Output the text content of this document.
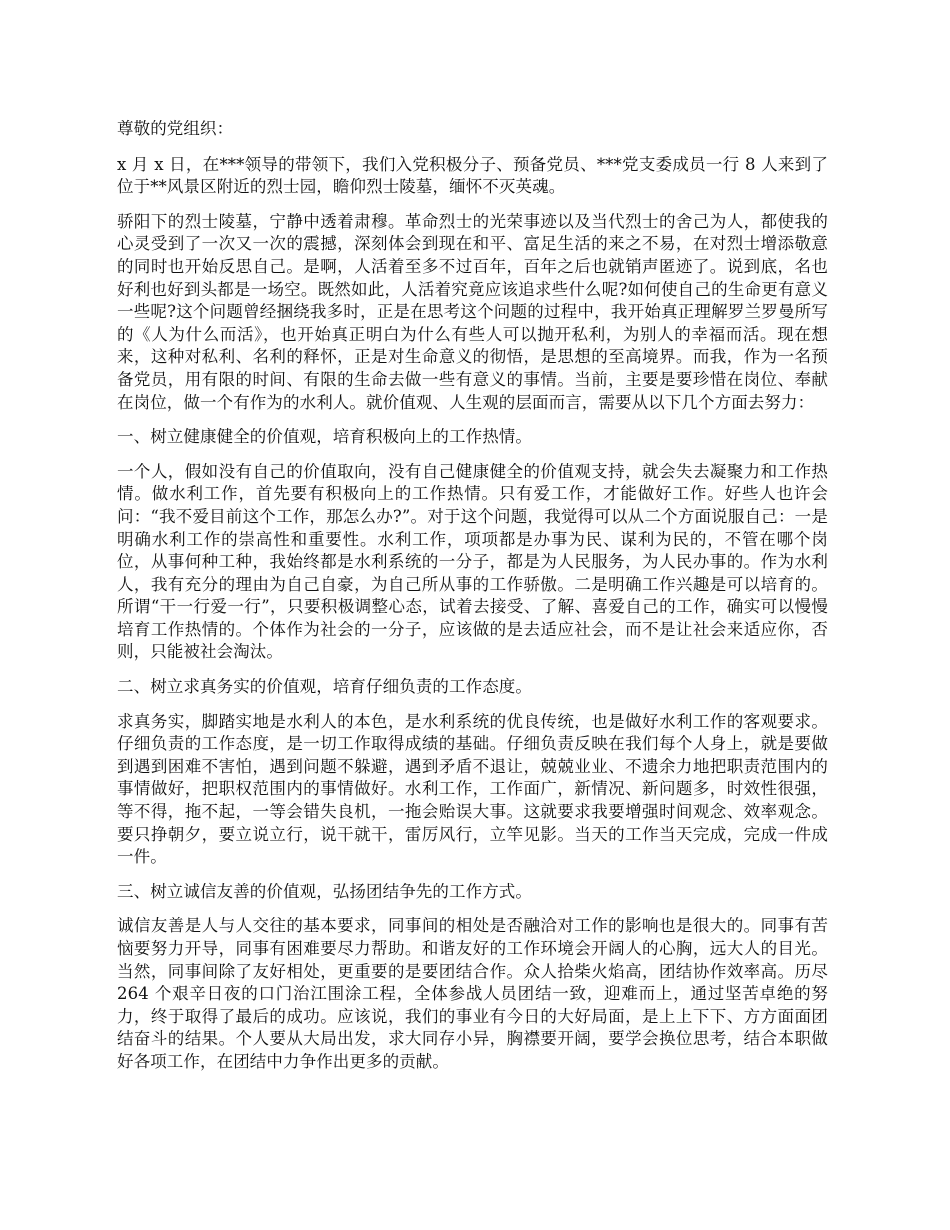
尊敬的党组织：

x 月 x 日，在***领导的带领下，我们入党积极分子、预备党员、***党支委成员一行 8 人来到了位于**风景区附近的烈士园，瞻仰烈士陵墓，缅怀不灭英魂。

骄阳下的烈士陵墓，宁静中透着肃穆。革命烈士的光荣事迹以及当代烈士的舍己为人，都使我的心灵受到了一次又一次的震撼，深刻体会到现在和平、富足生活的来之不易，在对烈士增添敬意的同时也开始反思自己。是啊，人活着至多不过百年，百年之后也就销声匿迹了。说到底，名也好利也好到头都是一场空。既然如此，人活着究竟应该追求些什么呢?如何使自己的生命更有意义一些呢?这个问题曾经捆绕我多时，正是在思考这个问题的过程中，我开始真正理解罗兰罗曼所写的《人为什么而活》，也开始真正明白为什么有些人可以抛开私利，为别人的幸福而活。现在想来，这种对私利、名利的释怀，正是对生命意义的彻悟，是思想的至高境界。而我，作为一名预备党员，用有限的时间、有限的生命去做一些有意义的事情。当前，主要是要珍惜在岗位、奉献在岗位，做一个有作为的水利人。就价值观、人生观的层面而言，需要从以下几个方面去努力：

一、树立健康健全的价值观，培育积极向上的工作热情。

一个人，假如没有自己的价值取向，没有自己健康健全的价值观支持，就会失去凝聚力和工作热情。做水利工作，首先要有积极向上的工作热情。只有爱工作，才能做好工作。好些人也许会问：“我不爱目前这个工作，那怎么办?”。对于这个问题，我觉得可以从二个方面说服自己：一是明确水利工作的崇高性和重要性。水利工作，项项都是办事为民、谋利为民的，不管在哪个岗位，从事何种工种，我始终都是水利系统的一分子，都是为人民服务，为人民办事的。作为水利人，我有充分的理由为自己自豪，为自己所从事的工作骄傲。二是明确工作兴趣是可以培育的。所谓“干一行爱一行”，只要积极调整心态，试着去接受、了解、喜爱自己的工作，确实可以慢慢培育工作热情的。个体作为社会的一分子，应该做的是去适应社会，而不是让社会来适应你，否则，只能被社会淘汰。

二、树立求真务实的价值观，培育仔细负责的工作态度。

求真务实，脚踏实地是水利人的本色，是水利系统的优良传统，也是做好水利工作的客观要求。仔细负责的工作态度，是一切工作取得成绩的基础。仔细负责反映在我们每个人身上，就是要做到遇到困难不害怕，遇到问题不躲避，遇到矛盾不退让，兢兢业业、不遗余力地把职责范围内的事情做好，把职权范围内的事情做好。水利工作，工作面广，新情况、新问题多，时效性很强，等不得，拖不起，一等会错失良机，一拖会贻误大事。这就要求我要增强时间观念、效率观念。要只挣朝夕，要立说立行，说干就干，雷厉风行，立竿见影。当天的工作当天完成，完成一件成一件。

三、树立诚信友善的价值观，弘扬团结争先的工作方式。

诚信友善是人与人交往的基本要求，同事间的相处是否融洽对工作的影响也是很大的。同事有苦恼要努力开导，同事有困难要尽力帮助。和谐友好的工作环境会开阔人的心胸，远大人的目光。当然，同事间除了友好相处，更重要的是要团结合作。众人拾柴火焰高，团结协作效率高。历尽 264 个艰辛日夜的口门治江围涂工程，全体参战人员团结一致，迎难而上，通过坚苦卓绝的努力，终于取得了最后的成功。应该说，我们的事业有今日的大好局面，是上上下下、方方面面团结奋斗的结果。个人要从大局出发，求大同存小异，胸襟要开阔，要学会换位思考，结合本职做好各项工作，在团结中力争作出更多的贡献。
